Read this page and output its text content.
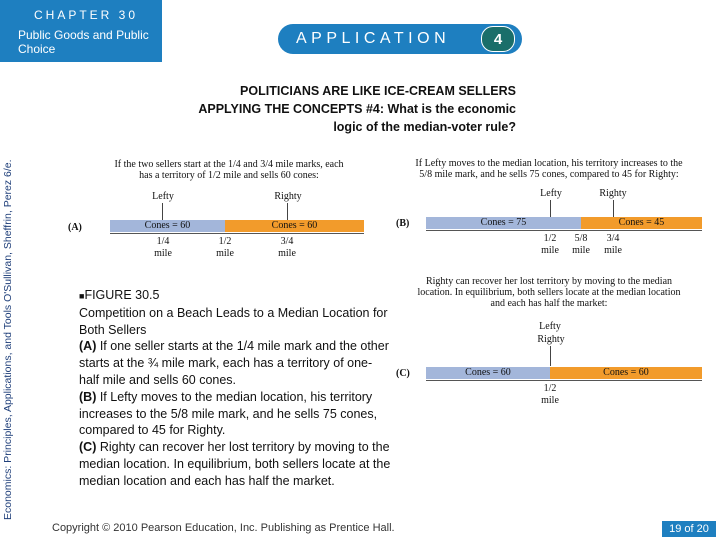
CHAPTER 30
Public Goods and Public Choice
APPLICATION	4
Economics: Principles, Applications, and Tools O'Sullivan, Sheffrin, Perez 6/e.
POLITICIANS ARE LIKE ICE-CREAM SELLERS
APPLYING THE CONCEPTS #4: What is the economic
logic of the median-voter rule?
If the two sellers start at the 1/4 and 3/4 mile marks, each
has a territory of 1/2 mile and sells 60 cones:
Lefty	Righty
(A)	Cones = 60	Cones = 60
1/4
mile
1/2
mile
3/4
mile
If Lefty moves to the median location, his territory increases to the
5/8 mile mark, and he sells 75 cones, compared to 45 for Righty:
Lefty	Righty
(B)	Cones = 75	Cones = 45
1/2
mile
5/8
mile
3/4
mile
Righty can recover her lost territory by moving to the median
location. In equilibrium, both sellers locate at the median location
and each has half the market:
Lefty
Righty
(C)	Cones = 60	Cones = 60
1/2
mile
■FIGURE 30.5
Competition on a Beach Leads to a Median Location for Both Sellers
(A) If one seller starts at the 1/4 mile mark and the other starts at the ¾ mile mark, each has a territory of one-half mile and sells 60 cones.
(B) If Lefty moves to the median location, his territory increases to the 5/8 mile mark, and he sells 75 cones, compared to 45 for Righty.
(C) Righty can recover her lost territory by moving to the median location. In equilibrium, both sellers locate at the median location and each has half the market.
Copyright © 2010 Pearson Education, Inc. Publishing as Prentice Hall.	19 of 20
